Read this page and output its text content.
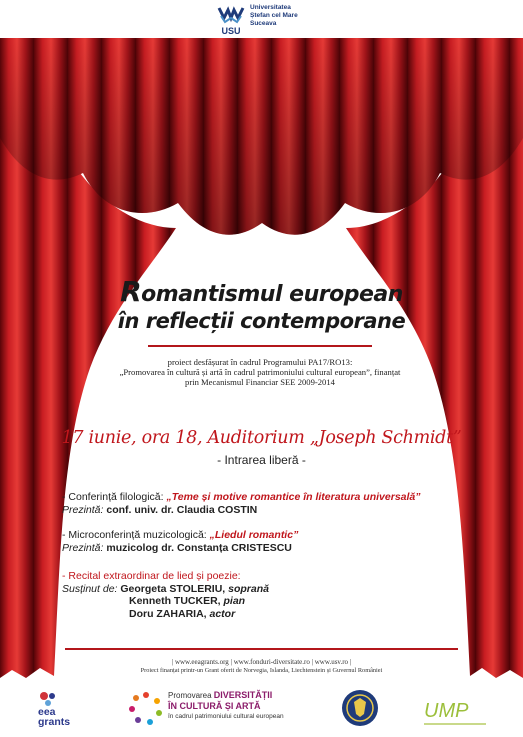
USU
Universitatea
Ștefan cel Mare
Suceava
Romantismul european
în reflecții contemporane
proiect desfășurat în cadrul Programului PA17/RO13:
„Promovarea în cultură și artă în cadrul patrimoniului cultural european”, finanțat
prin Mecanismul Financiar SEE 2009-2014
17 iunie, ora 18, Auditorium „Joseph Schmidt”
- Intrarea liberă -
- Conferință filologică: „Teme și motive romantice în literatura universală”
Prezintă: conf. univ. dr. Claudia COSTIN
- Microconferință muzicologică: „Liedul romantic”
Prezintă: muzicolog dr. Constanța CRISTESCU
- Recital extraordinar de lied și poezie:
Susținut de: Georgeta STOLERIU, soprană
Kenneth TUCKER, pian
Doru ZAHARIA, actor
| www.eeagrants.org | www.fonduri-diversitate.ro | www.usv.ro |
Proiect finanțat printr-un Grant oferit de Norvegia, Islanda, Liechtenstein și Guvernul României
eea
grants
Promovarea DIVERSITĂȚII
ÎN CULTURĂ ȘI ARTĂ
în cadrul patrimoniului cultural european	UMP
